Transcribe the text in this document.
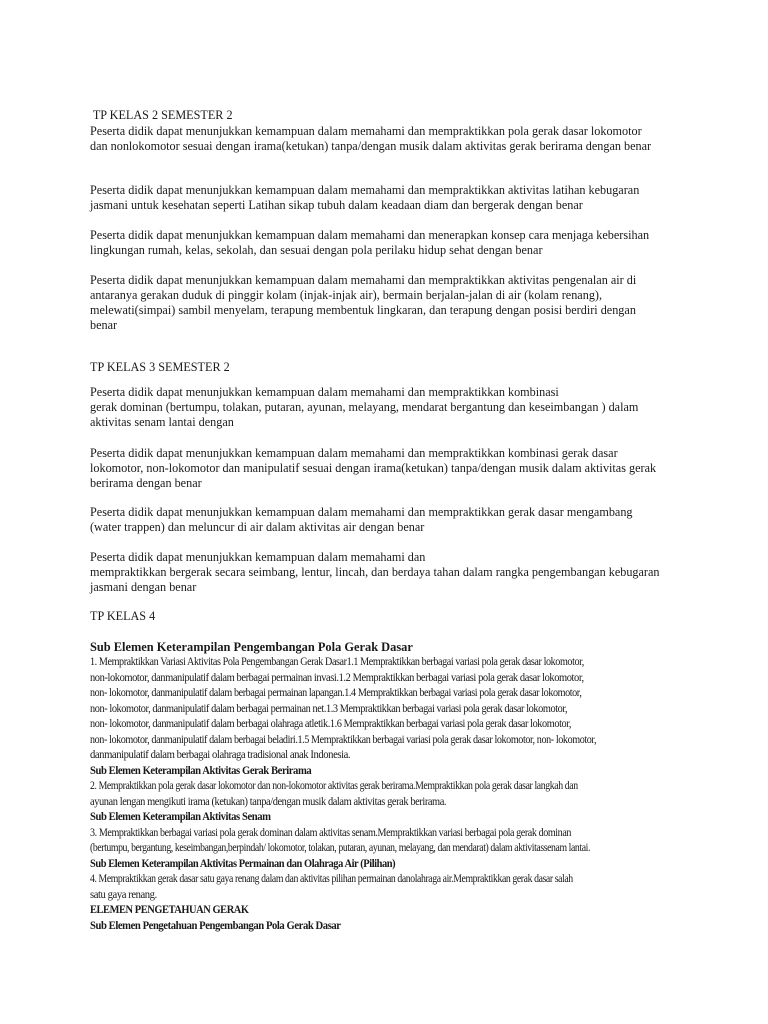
TP KELAS 2 SEMESTER 2
Peserta didik dapat menunjukkan kemampuan dalam memahami dan mempraktikkan pola gerak dasar lokomotor
dan nonlokomotor sesuai dengan irama(ketukan) tanpa/dengan musik dalam aktivitas gerak berirama dengan benar
Peserta didik dapat menunjukkan kemampuan dalam memahami dan mempraktikkan aktivitas latihan kebugaran
jasmani untuk kesehatan seperti Latihan sikap tubuh dalam keadaan diam dan bergerak dengan benar
Peserta didik dapat menunjukkan kemampuan dalam memahami dan menerapkan konsep cara menjaga kebersihan
lingkungan rumah, kelas, sekolah, dan sesuai dengan pola perilaku hidup sehat dengan benar
Peserta didik dapat menunjukkan kemampuan dalam memahami dan mempraktikkan aktivitas pengenalan air di
antaranya gerakan duduk di pinggir kolam (injak-injak air), bermain berjalan-jalan di air (kolam renang),
melewati(simpai) sambil menyelam, terapung membentuk lingkaran, dan terapung dengan posisi berdiri dengan
benar
TP KELAS 3 SEMESTER 2
Peserta didik dapat menunjukkan kemampuan dalam memahami dan mempraktikkan kombinasi
gerak dominan (bertumpu, tolakan, putaran, ayunan, melayang, mendarat bergantung dan keseimbangan ) dalam
aktivitas senam lantai dengan
Peserta didik dapat menunjukkan kemampuan dalam memahami dan mempraktikkan kombinasi gerak dasar
lokomotor, non-lokomotor dan manipulatif sesuai dengan irama(ketukan) tanpa/dengan musik dalam aktivitas gerak
berirama dengan benar
Peserta didik dapat menunjukkan kemampuan dalam memahami dan mempraktikkan gerak dasar mengambang
(water trappen) dan meluncur di air dalam aktivitas air dengan benar
Peserta didik dapat menunjukkan kemampuan dalam memahami dan
mempraktikkan bergerak secara seimbang, lentur, lincah, dan berdaya tahan dalam rangka pengembangan kebugaran
jasmani dengan benar
TP KELAS 4
Sub Elemen Keterampilan Pengembangan Pola Gerak Dasar
1. Mempraktikkan Variasi Aktivitas Pola Pengembangan Gerak Dasar1.1 Mempraktikkan berbagai variasi pola gerak dasar lokomotor,
non-lokomotor, danmanipulatif dalam berbagai permainan invasi.1.2 Mempraktikkan berbagai variasi pola gerak dasar lokomotor,
non- lokomotor, danmanipulatif dalam berbagai permainan lapangan.1.4 Mempraktikkan berbagai variasi pola gerak dasar lokomotor,
non- lokomotor, danmanipulatif dalam berbagai permainan net.1.3 Mempraktikkan berbagai variasi pola gerak dasar lokomotor,
non- lokomotor, danmanipulatif dalam berbagai olahraga atletik.1.6 Mempraktikkan berbagai variasi pola gerak dasar lokomotor,
non- lokomotor, danmanipulatif dalam berbagai beladiri.1.5 Mempraktikkan berbagai variasi pola gerak dasar lokomotor, non- lokomotor,
danmanipulatif dalam berbagai olahraga tradisional anak Indonesia.
Sub Elemen Keterampilan Aktivitas Gerak Berirama
2. Mempraktikkan pola gerak dasar lokomotor dan non-lokomotor aktivitas gerak berirama.Mempraktikkan pola gerak dasar langkah dan
ayunan lengan mengikuti irama (ketukan) tanpa/dengan musik dalam aktivitas gerak berirama.
Sub Elemen Keterampilan Aktivitas Senam
3. Mempraktikkan berbagai variasi pola gerak dominan dalam aktivitas senam.Mempraktikkan variasi berbagai pola gerak dominan
(bertumpu, bergantung, keseimbangan,berpindah/ lokomotor, tolakan, putaran, ayunan, melayang, dan mendarat) dalam aktivitassenam lantai.
Sub Elemen Keterampilan Aktivitas Permainan dan Olahraga Air (Pilihan)
4. Mempraktikkan gerak dasar satu gaya renang dalam dan aktivitas pilihan permainan danolahraga air.Mempraktikkan gerak dasar salah
satu gaya renang.
ELEMEN PENGETAHUAN GERAK
Sub Elemen Pengetahuan Pengembangan Pola Gerak Dasar
